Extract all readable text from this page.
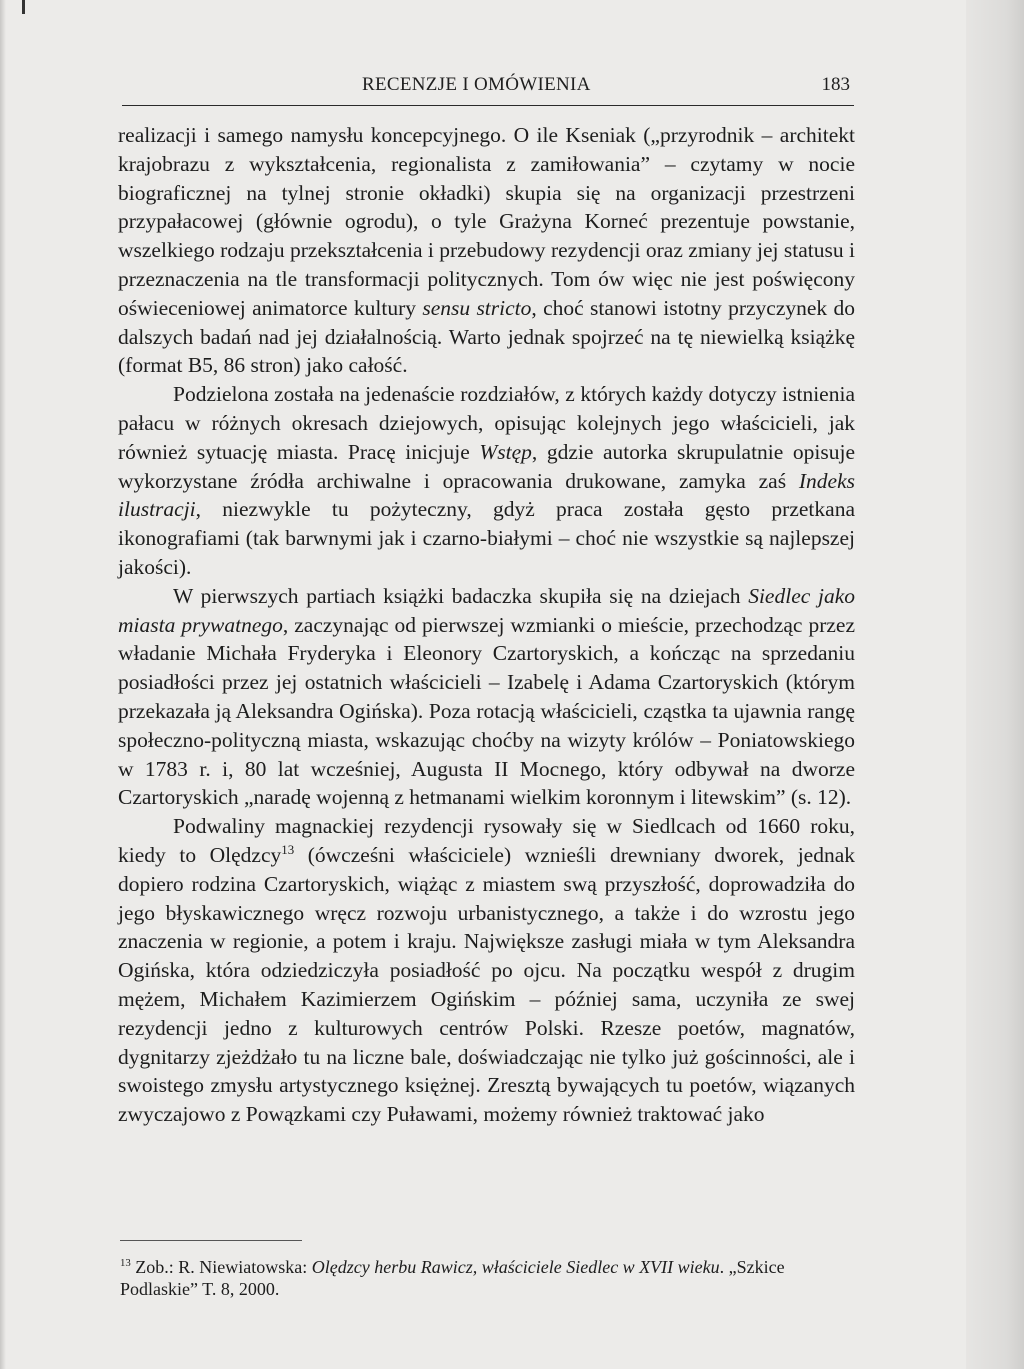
RECENZJE I OMÓWIENIA	183

realizacji i samego namysłu koncepcyjnego. O ile Kseniak („przyrodnik – architekt krajobrazu z wykształcenia, regionalista z zamiłowania” – czytamy w nocie biograficznej na tylnej stronie okładki) skupia się na organizacji przestrzeni przypałacowej (głównie ogrodu), o tyle Grażyna Korneć prezentuje powstanie, wszelkiego rodzaju przekształcenia i przebudowy rezydencji oraz zmiany jej statusu i przeznaczenia na tle transformacji politycznych. Tom ów więc nie jest poświęcony oświeceniowej animatorce kultury sensu stricto, choć stanowi istotny przyczynek do dalszych badań nad jej działalnością. Warto jednak spojrzeć na tę niewielką książkę (format B5, 86 stron) jako całość.

Podzielona została na jedenaście rozdziałów, z których każdy dotyczy istnienia pałacu w różnych okresach dziejowych, opisując kolejnych jego właścicieli, jak również sytuację miasta. Pracę inicjuje Wstęp, gdzie autorka skrupulatnie opisuje wykorzystane źródła archiwalne i opracowania drukowane, zamyka zaś Indeks ilustracji, niezwykle tu pożyteczny, gdyż praca została gęsto przetkana ikonografiami (tak barwnymi jak i czarno-białymi – choć nie wszystkie są najlepszej jakości).

W pierwszych partiach książki badaczka skupiła się na dziejach Siedlec jako miasta prywatnego, zaczynając od pierwszej wzmianki o mieście, przechodząc przez władanie Michała Fryderyka i Eleonory Czartoryskich, a kończąc na sprzedaniu posiadłości przez jej ostatnich właścicieli – Izabelę i Adama Czartoryskich (którym przekazała ją Aleksandra Ogińska). Poza rotacją właścicieli, cząstka ta ujawnia rangę społeczno-polityczną miasta, wskazując choćby na wizyty królów – Poniatowskiego w 1783 r. i, 80 lat wcześniej, Augusta II Mocnego, który odbywał na dworze Czartoryskich „naradę wojenną z hetmanami wielkim koronnym i litewskim” (s. 12).

Podwaliny magnackiej rezydencji rysowały się w Siedlcach od 1660 roku, kiedy to Olędzcy$^{13}$ (ówcześni właściciele) wznieśli drewniany dworek, jednak dopiero rodzina Czartoryskich, wiążąc z miastem swą przyszłość, doprowadziła do jego błyskawicznego wręcz rozwoju urbanistycznego, a także i do wzrostu jego znaczenia w regionie, a potem i kraju. Największe zasługi miała w tym Aleksandra Ogińska, która odziedziczyła posiadłość po ojcu. Na początku wespół z drugim mężem, Michałem Kazimierzem Ogińskim – później sama, uczyniła ze swej rezydencji jedno z kulturowych centrów Polski. Rzesze poetów, magnatów, dygnitarzy zjeżdżało tu na liczne bale, doświadczając nie tylko już gościnności, ale i swoistego zmysłu artystycznego księżnej. Zresztą bywających tu poetów, wiązanych zwyczajowo z Powązkami czy Puławami, możemy również traktować jako

$^{13}$ Zob.: R. Niewiatowska: Olędzcy herbu Rawicz, właściciele Siedlec w XVII wieku. „Szkice Podlaskie” T. 8, 2000.
